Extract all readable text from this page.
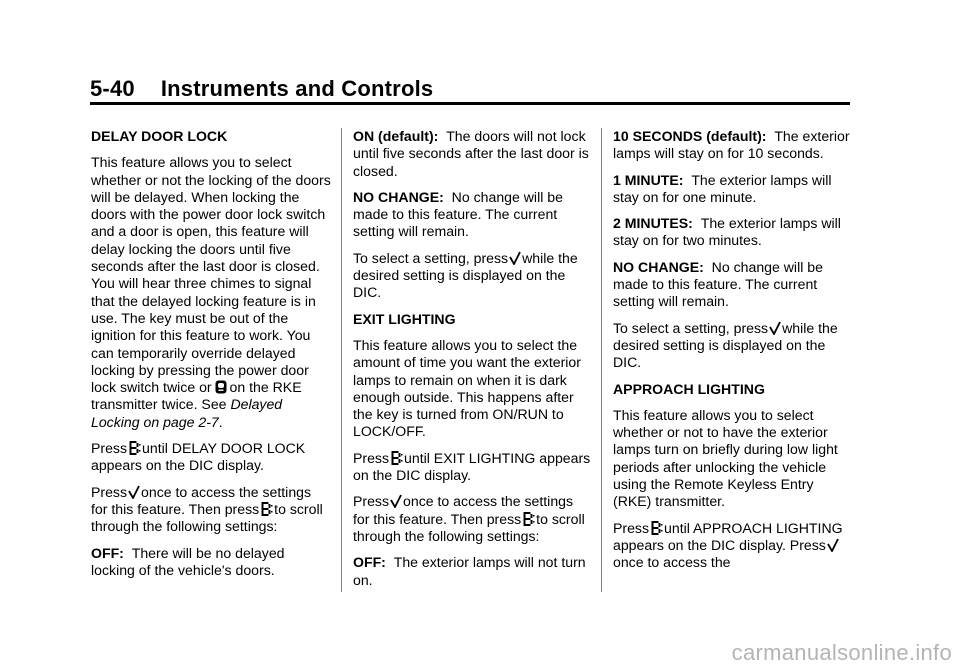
5-40 Instruments and Controls

DELAY DOOR LOCK

This feature allows you to select whether or not the locking of the doors will be delayed. When locking the doors with the power door lock switch and a door is open, this feature will delay locking the doors until five seconds after the last door is closed. You will hear three chimes to signal that the delayed locking feature is in use. The key must be out of the ignition for this feature to work. You can temporarily override delayed locking by pressing the power door lock switch twice or on the RKE transmitter twice. See Delayed Locking on page 2-7.

Press until DELAY DOOR LOCK appears on the DIC display.

Press once to access the settings for this feature. Then press to scroll through the following settings:

OFF: There will be no delayed locking of the vehicle's doors.

ON (default): The doors will not lock until five seconds after the last door is closed.

NO CHANGE: No change will be made to this feature. The current setting will remain.

To select a setting, press while the desired setting is displayed on the DIC.

EXIT LIGHTING

This feature allows you to select the amount of time you want the exterior lamps to remain on when it is dark enough outside. This happens after the key is turned from ON/RUN to LOCK/OFF.

Press until EXIT LIGHTING appears on the DIC display.

Press once to access the settings for this feature. Then press to scroll through the following settings:

OFF: The exterior lamps will not turn on.

10 SECONDS (default): The exterior lamps will stay on for 10 seconds.

1 MINUTE: The exterior lamps will stay on for one minute.

2 MINUTES: The exterior lamps will stay on for two minutes.

NO CHANGE: No change will be made to this feature. The current setting will remain.

To select a setting, press while the desired setting is displayed on the DIC.

APPROACH LIGHTING

This feature allows you to select whether or not to have the exterior lamps turn on briefly during low light periods after unlocking the vehicle using the Remote Keyless Entry (RKE) transmitter.

Press until APPROACH LIGHTING appears on the DIC display. Press
once to access the

carmanualsonline.info
